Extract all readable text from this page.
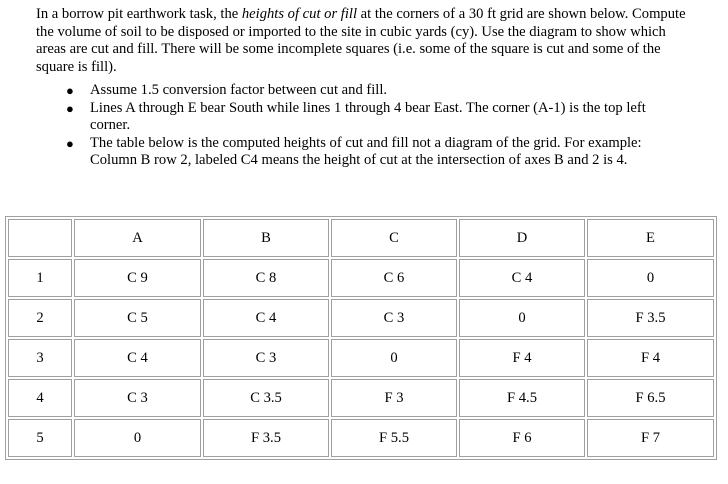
In a borrow pit earthwork task, the heights of cut or fill at the corners of a 30 ft grid are shown below. Compute the volume of soil to be disposed or imported to the site in cubic yards (cy). Use the diagram to show which areas are cut and fill. There will be some incomplete squares (i.e. some of the square is cut and some of the square is fill).

● Assume 1.5 conversion factor between cut and fill.
● Lines A through E bear South while lines 1 through 4 bear East. The corner (A-1) is the top left corner.
● The table below is the computed heights of cut and fill not a diagram of the grid. For example: Column B row 2, labeled C4 means the height of cut at the intersection of axes B and 2 is 4.
	A	B	C	D	E
1	C 9	C 8	C 6	C 4	0
2	C 5	C 4	C 3	0	F 3.5
3	C 4	C 3	0	F 4	F 4
4	C 3	C 3.5	F 3	F 4.5	F 6.5
5	0	F 3.5	F 5.5	F 6	F 7
